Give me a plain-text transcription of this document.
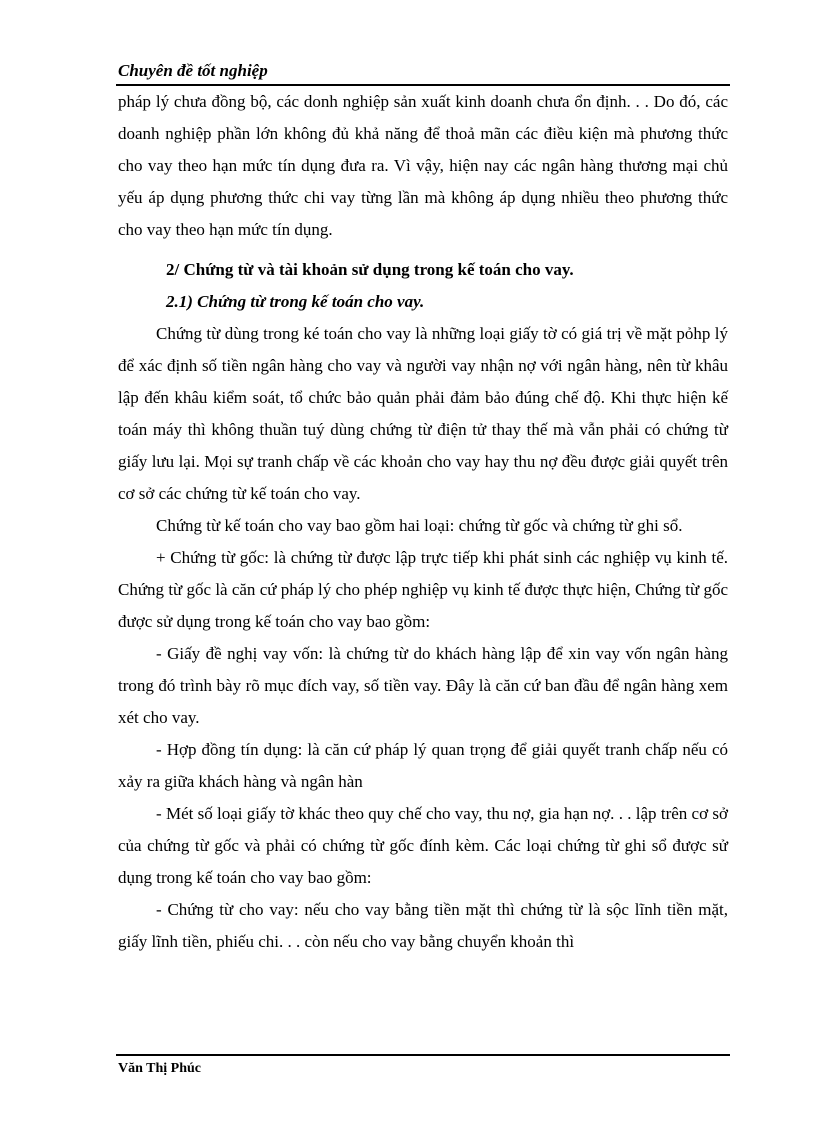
Chuyên đề tốt nghiệp

pháp lý chưa đồng bộ, các donh nghiệp sản xuất kinh doanh chưa ổn định. . . Do đó, các doanh nghiệp phần lớn không đủ khả năng để thoả mãn các điều kiện mà phương thức cho vay theo hạn mức tín dụng đưa ra. Vì vậy, hiện nay các ngân hàng thương mại chủ yếu áp dụng phương thức chi vay từng lần mà không áp dụng nhiều theo phương thức cho vay theo hạn mức tín dụng.

2/ Chứng từ và tài khoản sử dụng trong kế toán cho vay.

2.1) Chứng từ trong kế toán cho vay.

Chứng từ dùng trong ké toán cho vay là những loại giấy tờ có giá trị về mặt pỏhp lý để xác định số tiền ngân hàng cho vay và người vay nhận nợ với ngân hàng, nên từ khâu lập đến khâu kiểm soát, tổ chức bảo quản phải đảm bảo đúng chế độ. Khi thực hiện kế toán máy thì không thuần tuý dùng chứng từ điện tử thay thế mà vẫn phải có chứng từ giấy lưu lại. Mọi sự tranh chấp về các khoản cho vay hay thu nợ đều được giải quyết trên cơ sở các chứng từ kế toán cho vay.

Chứng từ kế toán cho vay bao gồm hai loại: chứng từ gốc và chứng từ ghi sổ.

+ Chứng từ gốc: là chứng từ được lập trực tiếp khi phát sinh các nghiệp vụ kinh tế. Chứng từ gốc là căn cứ pháp lý cho phép nghiệp vụ kinh tế được thực hiện, Chứng từ gốc được sử dụng trong kế toán cho vay bao gồm:

- Giấy đề nghị vay vốn: là chứng từ do khách hàng lập để xin vay vốn ngân hàng trong đó trình bày rõ mục đích vay, số tiền vay. Đây là căn cứ ban đầu để ngân hàng xem xét cho vay.

- Hợp đồng tín dụng: là căn cứ pháp lý quan trọng để giải quyết tranh chấp nếu có xảy ra giữa khách hàng và ngân hàn

- Mét số loại giấy tờ khác theo quy chế cho vay, thu nợ, gia hạn nợ. . . lập trên cơ sở của chứng từ gốc và phải có chứng từ gốc đính kèm. Các loại chứng từ ghi sổ được sử dụng trong kế toán cho vay bao gồm:

- Chứng từ cho vay: nếu cho vay bằng tiền mặt thì chứng từ là sộc lĩnh tiền mặt, giấy lĩnh tiền, phiếu chi. . . còn nếu cho vay bằng chuyển khoản thì

Văn Thị Phúc
